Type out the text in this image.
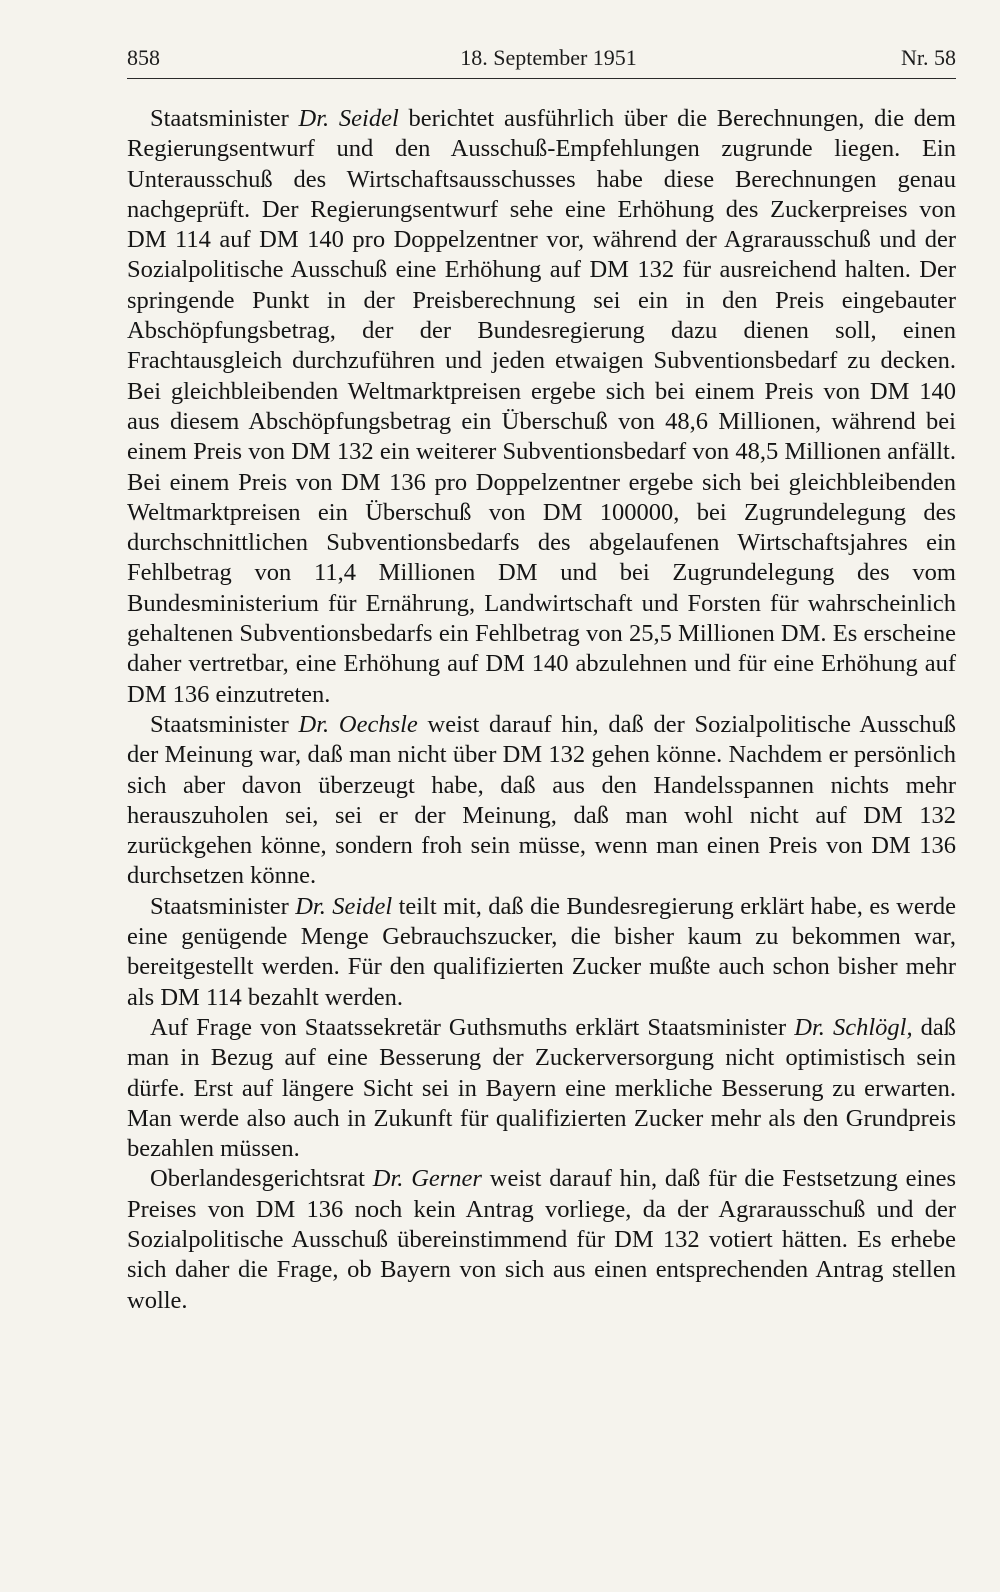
858	18. September 1951	Nr. 58

Staatsminister Dr. Seidel berichtet ausführlich über die Berechnungen, die dem Regierungsentwurf und den Ausschuß-Empfehlungen zugrunde liegen. Ein Unterausschuß des Wirtschaftsausschusses habe diese Berechnungen genau nachgeprüft. Der Regierungsentwurf sehe eine Erhöhung des Zuckerpreises von DM 114 auf DM 140 pro Doppelzentner vor, während der Agrarausschuß und der Sozialpolitische Ausschuß eine Erhöhung auf DM 132 für ausreichend halten. Der springende Punkt in der Preisberechnung sei ein in den Preis eingebauter Abschöpfungsbetrag, der der Bundesregierung dazu dienen soll, einen Frachtausgleich durchzuführen und jeden etwaigen Subventionsbedarf zu decken. Bei gleichbleibenden Weltmarktpreisen ergebe sich bei einem Preis von DM 140 aus diesem Abschöpfungsbetrag ein Überschuß von 48,6 Millionen, während bei einem Preis von DM 132 ein weiterer Subventionsbedarf von 48,5 Millionen anfällt. Bei einem Preis von DM 136 pro Doppelzentner ergebe sich bei gleichbleibenden Weltmarktpreisen ein Überschuß von DM 100000, bei Zugrundelegung des durchschnittlichen Subventionsbedarfs des abgelaufenen Wirtschaftsjahres ein Fehlbetrag von 11,4 Millionen DM und bei Zugrundelegung des vom Bundesministerium für Ernährung, Landwirtschaft und Forsten für wahrscheinlich gehaltenen Subventionsbedarfs ein Fehlbetrag von 25,5 Millionen DM. Es erscheine daher vertretbar, eine Erhöhung auf DM 140 abzulehnen und für eine Erhöhung auf DM 136 einzutreten.

Staatsminister Dr. Oechsle weist darauf hin, daß der Sozialpolitische Ausschuß der Meinung war, daß man nicht über DM 132 gehen könne. Nachdem er persönlich sich aber davon überzeugt habe, daß aus den Handelsspannen nichts mehr herauszuholen sei, sei er der Meinung, daß man wohl nicht auf DM 132 zurückgehen könne, sondern froh sein müsse, wenn man einen Preis von DM 136 durchsetzen könne.

Staatsminister Dr. Seidel teilt mit, daß die Bundesregierung erklärt habe, es werde eine genügende Menge Gebrauchszucker, die bisher kaum zu bekommen war, bereitgestellt werden. Für den qualifizierten Zucker mußte auch schon bisher mehr als DM 114 bezahlt werden.

Auf Frage von Staatssekretär Guthsmuths erklärt Staatsminister Dr. Schlögl, daß man in Bezug auf eine Besserung der Zuckerversorgung nicht optimistisch sein dürfe. Erst auf längere Sicht sei in Bayern eine merkliche Besserung zu erwarten. Man werde also auch in Zukunft für qualifizierten Zucker mehr als den Grundpreis bezahlen müssen.

Oberlandesgerichtsrat Dr. Gerner weist darauf hin, daß für die Festsetzung eines Preises von DM 136 noch kein Antrag vorliege, da der Agrarausschuß und der Sozialpolitische Ausschuß übereinstimmend für DM 132 votiert hätten. Es erhebe sich daher die Frage, ob Bayern von sich aus einen entsprechenden Antrag stellen wolle.
